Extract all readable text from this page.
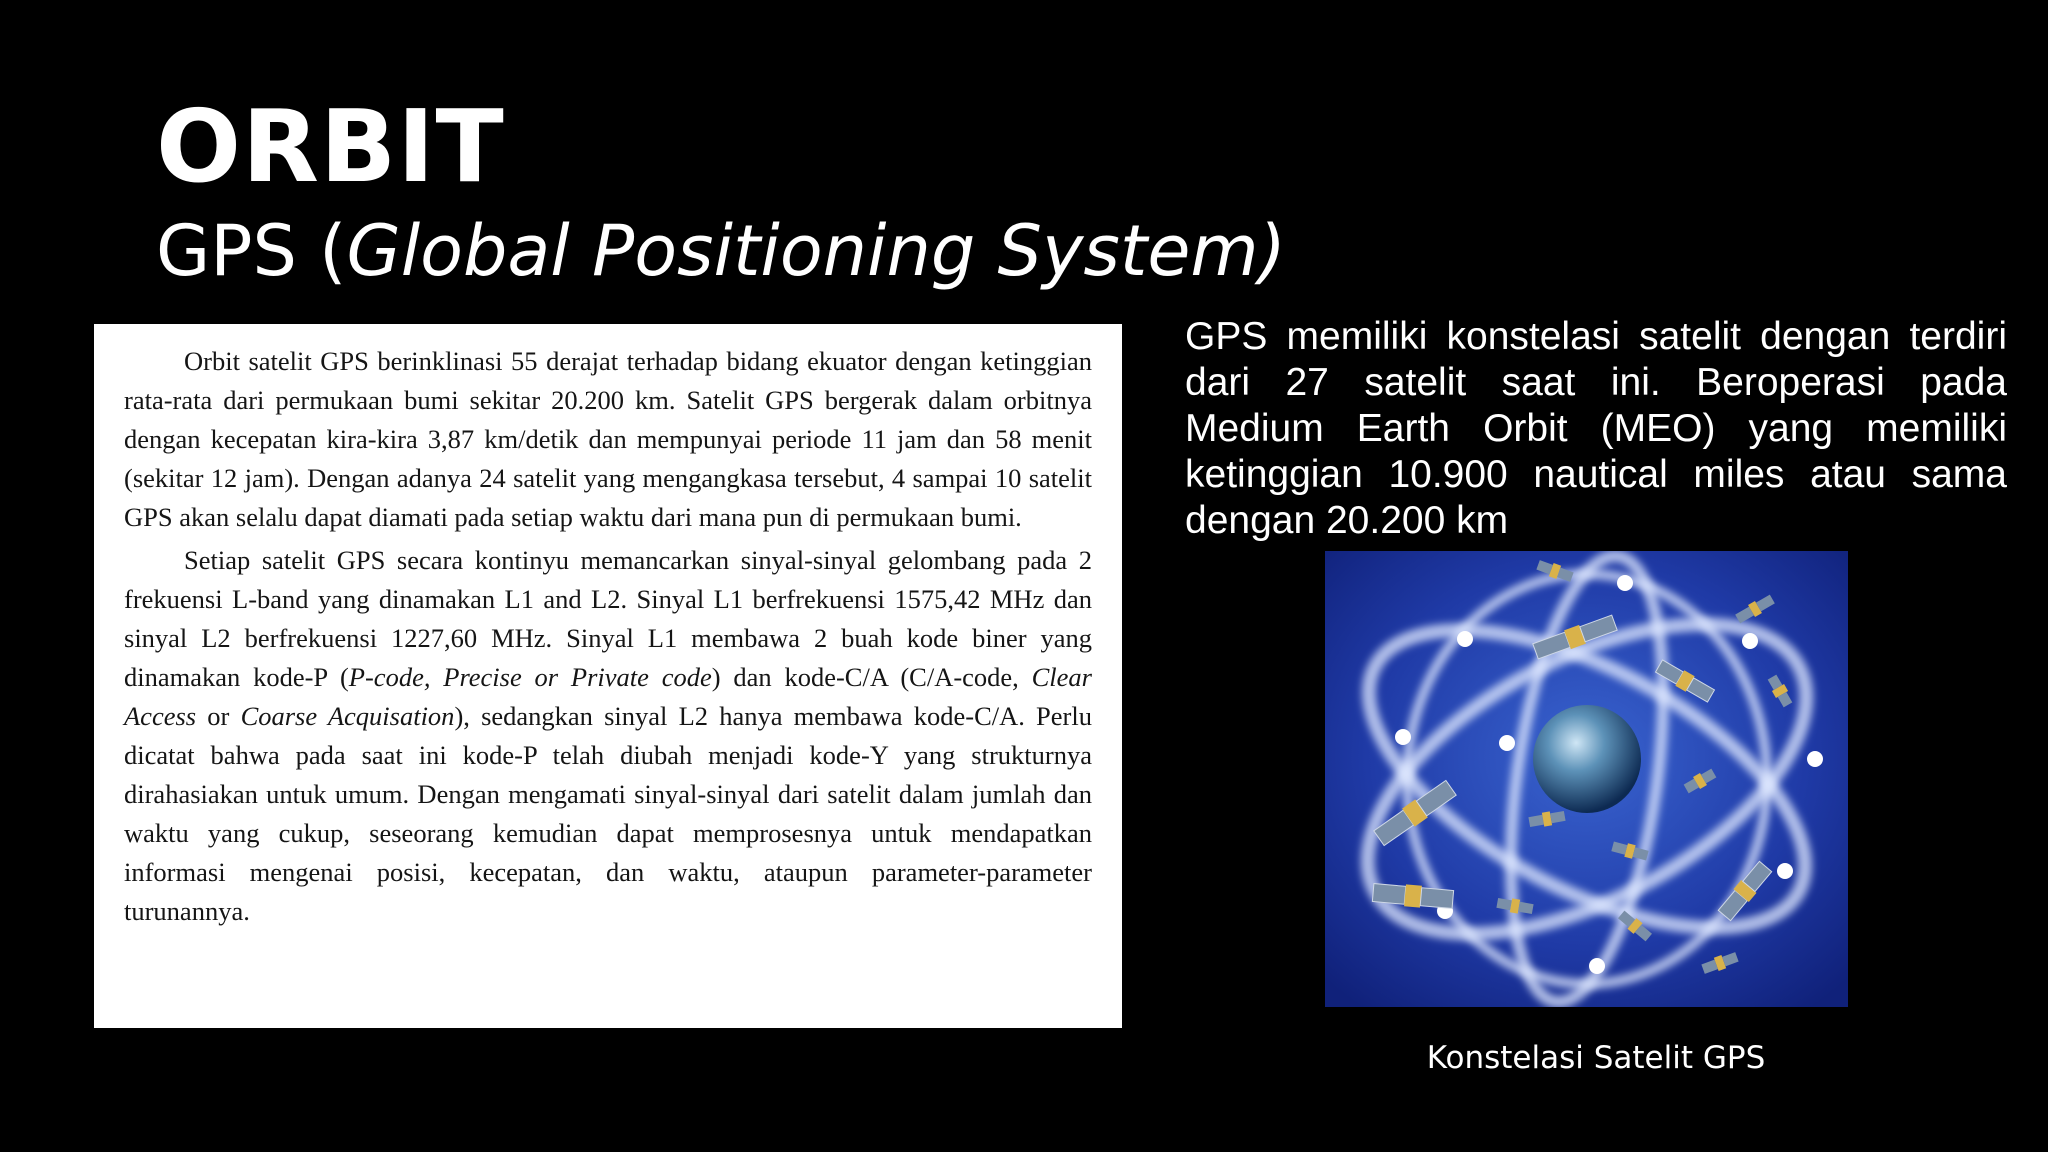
ORBIT
GPS (Global Positioning System)

Orbit satelit GPS berinklinasi 55 derajat terhadap bidang ekuator dengan ketinggian rata-rata dari permukaan bumi sekitar 20.200 km. Satelit GPS bergerak dalam orbitnya dengan kecepatan kira-kira 3,87 km/detik dan mempunyai periode 11 jam dan 58 menit (sekitar 12 jam). Dengan adanya 24 satelit yang mengangkasa tersebut, 4 sampai 10 satelit GPS akan selalu dapat diamati pada setiap waktu dari mana pun di permukaan bumi.

Setiap satelit GPS secara kontinyu memancarkan sinyal-sinyal gelombang pada 2 frekuensi L-band yang dinamakan L1 and L2. Sinyal L1 berfrekuensi 1575,42 MHz dan sinyal L2 berfrekuensi 1227,60 MHz. Sinyal L1 membawa 2 buah kode biner yang dinamakan kode-P (P-code, Precise or Private code) dan kode-C/A (C/A-code, Clear Access or Coarse Acquisation), sedangkan sinyal L2 hanya membawa kode-C/A. Perlu dicatat bahwa pada saat ini kode-P telah diubah menjadi kode-Y yang strukturnya dirahasiakan untuk umum. Dengan mengamati sinyal-sinyal dari satelit dalam jumlah dan waktu yang cukup, seseorang kemudian dapat memprosesnya untuk mendapatkan informasi mengenai posisi, kecepatan, dan waktu, ataupun parameter-parameter turunannya.

GPS memiliki konstelasi satelit dengan terdiri dari 27 satelit saat ini. Beroperasi pada Medium Earth Orbit (MEO) yang memiliki ketinggian 10.900 nautical miles atau sama dengan 20.200 km

Konstelasi Satelit GPS
